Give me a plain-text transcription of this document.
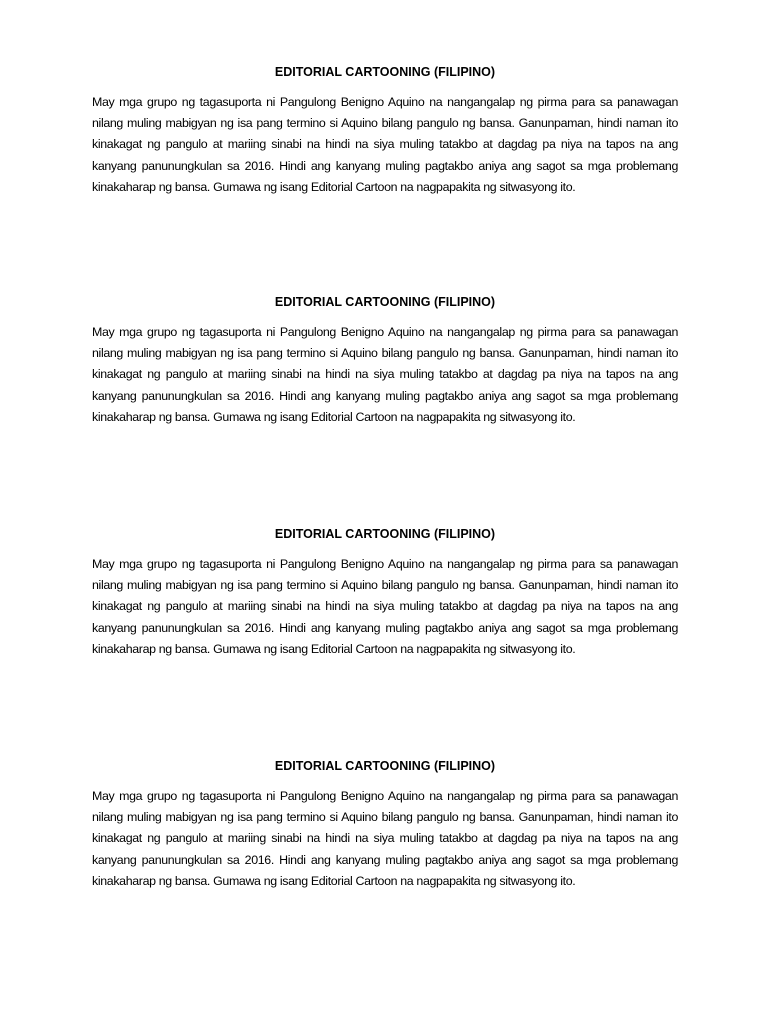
EDITORIAL CARTOONING (FILIPINO)

May mga grupo ng tagasuporta ni Pangulong Benigno Aquino na nangangalap ng pirma para sa panawagan nilang muling mabigyan ng isa pang termino si Aquino bilang pangulo ng bansa. Ganunpaman, hindi naman ito kinakagat ng pangulo at mariing sinabi na hindi na siya muling tatakbo at dagdag pa niya na tapos na ang kanyang panunungkulan sa 2016. Hindi ang kanyang muling pagtakbo aniya ang sagot sa mga problemang kinakaharap ng bansa. Gumawa ng isang Editorial Cartoon na nagpapakita ng sitwasyong ito.

EDITORIAL CARTOONING (FILIPINO)

May mga grupo ng tagasuporta ni Pangulong Benigno Aquino na nangangalap ng pirma para sa panawagan nilang muling mabigyan ng isa pang termino si Aquino bilang pangulo ng bansa. Ganunpaman, hindi naman ito kinakagat ng pangulo at mariing sinabi na hindi na siya muling tatakbo at dagdag pa niya na tapos na ang kanyang panunungkulan sa 2016. Hindi ang kanyang muling pagtakbo aniya ang sagot sa mga problemang kinakaharap ng bansa. Gumawa ng isang Editorial Cartoon na nagpapakita ng sitwasyong ito.

EDITORIAL CARTOONING (FILIPINO)

May mga grupo ng tagasuporta ni Pangulong Benigno Aquino na nangangalap ng pirma para sa panawagan nilang muling mabigyan ng isa pang termino si Aquino bilang pangulo ng bansa. Ganunpaman, hindi naman ito kinakagat ng pangulo at mariing sinabi na hindi na siya muling tatakbo at dagdag pa niya na tapos na ang kanyang panunungkulan sa 2016. Hindi ang kanyang muling pagtakbo aniya ang sagot sa mga problemang kinakaharap ng bansa. Gumawa ng isang Editorial Cartoon na nagpapakita ng sitwasyong ito.

EDITORIAL CARTOONING (FILIPINO)

May mga grupo ng tagasuporta ni Pangulong Benigno Aquino na nangangalap ng pirma para sa panawagan nilang muling mabigyan ng isa pang termino si Aquino bilang pangulo ng bansa. Ganunpaman, hindi naman ito kinakagat ng pangulo at mariing sinabi na hindi na siya muling tatakbo at dagdag pa niya na tapos na ang kanyang panunungkulan sa 2016. Hindi ang kanyang muling pagtakbo aniya ang sagot sa mga problemang kinakaharap ng bansa. Gumawa ng isang Editorial Cartoon na nagpapakita ng sitwasyong ito.
